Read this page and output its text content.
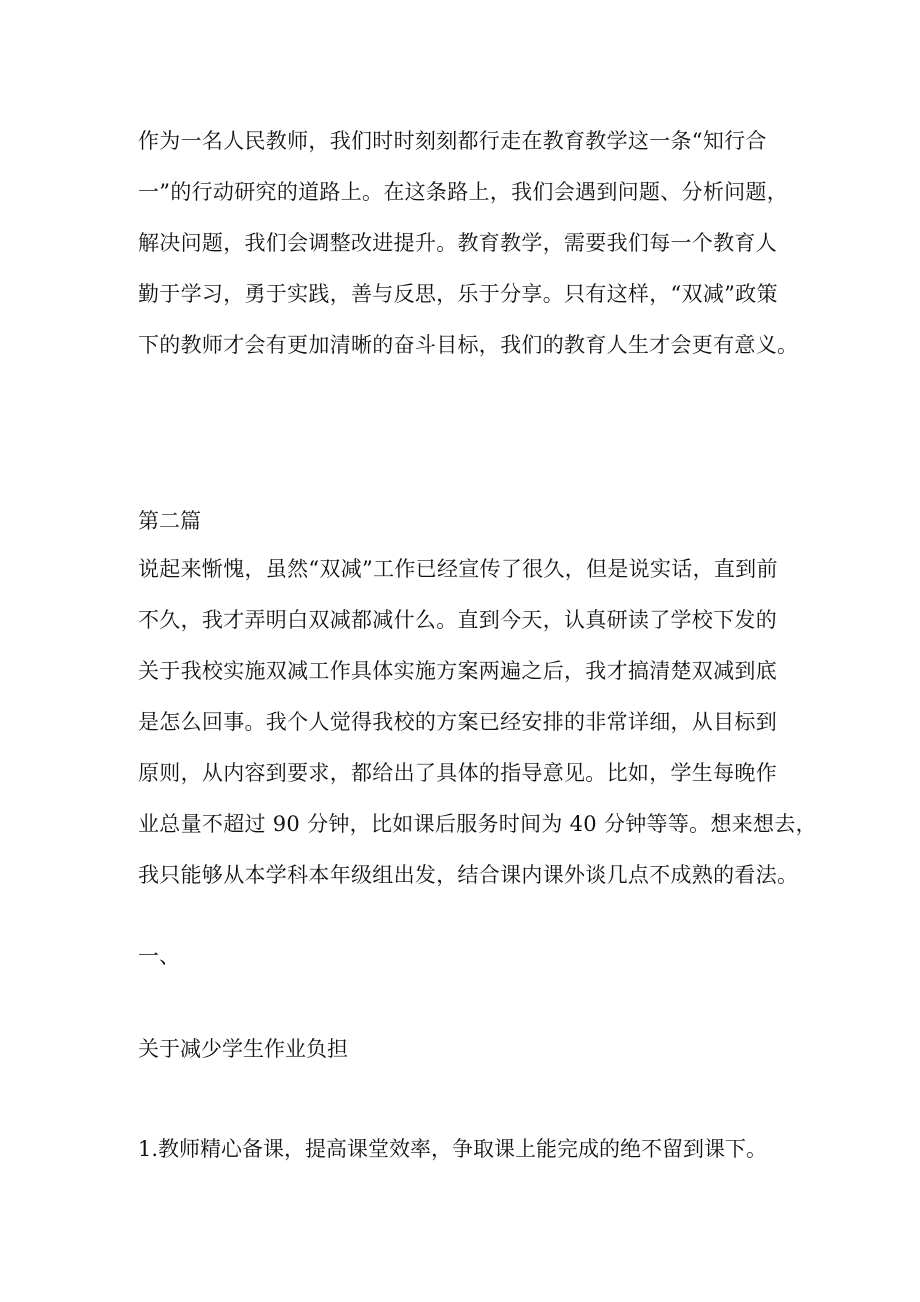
作为一名人民教师，我们时时刻刻都行走在教育教学这一条“知行合
一”的行动研究的道路上。在这条路上，我们会遇到问题、分析问题，
解决问题，我们会调整改进提升。教育教学，需要我们每一个教育人
勤于学习，勇于实践，善与反思，乐于分享。只有这样，“双减”政策
下的教师才会有更加清晰的奋斗目标，我们的教育人生才会更有意义。
第二篇
说起来惭愧，虽然“双减”工作已经宣传了很久，但是说实话，直到前
不久，我才弄明白双减都减什么。直到今天，认真研读了学校下发的
关于我校实施双减工作具体实施方案两遍之后，我才搞清楚双减到底
是怎么回事。我个人觉得我校的方案已经安排的非常详细，从目标到
原则，从内容到要求，都给出了具体的指导意见。比如，学生每晚作
业总量不超过 90 分钟，比如课后服务时间为 40 分钟等等。想来想去，
我只能够从本学科本年级组出发，结合课内课外谈几点不成熟的看法。
一、
关于减少学生作业负担
1.教师精心备课，提高课堂效率，争取课上能完成的绝不留到课下。
